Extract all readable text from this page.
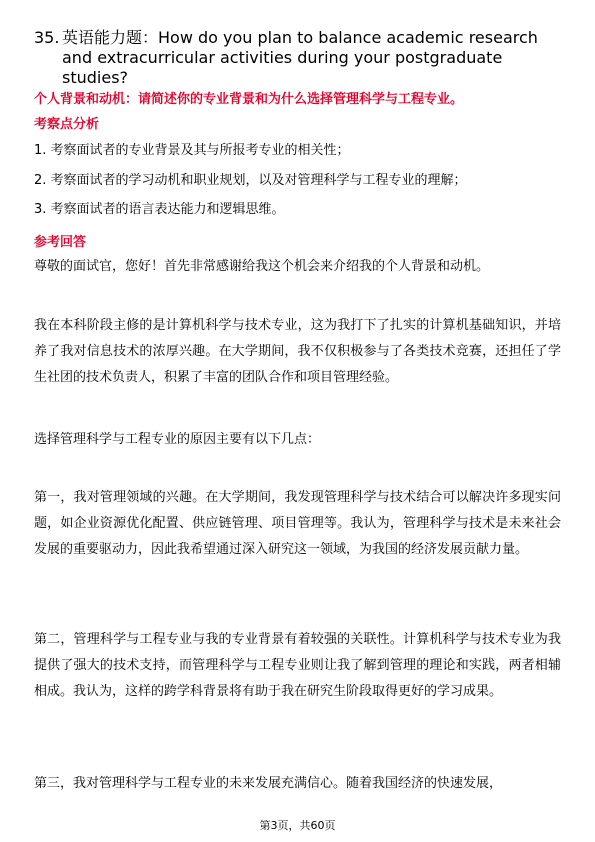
35. 英语能力题：How do you plan to balance academic research
and extracurricular activities during your postgraduate studies?
个人背景和动机：请简述你的专业背景和为什么选择管理科学与工程专业。
考察点分析
1. 考察面试者的专业背景及其与所报考专业的相关性；
2. 考察面试者的学习动机和职业规划，以及对管理科学与工程专业的理解；
3. 考察面试者的语言表达能力和逻辑思维。
参考回答
尊敬的面试官，您好！首先非常感谢给我这个机会来介绍我的个人背景和动机。
我在本科阶段主修的是计算机科学与技术专业，这为我打下了扎实的计算机基础知识，并培养了我对信息技术的浓厚兴趣。在大学期间，我不仅积极参与了各类技术竞赛，还担任了学生社团的技术负责人，积累了丰富的团队合作和项目管理经验。
选择管理科学与工程专业的原因主要有以下几点：
第一，我对管理领域的兴趣。在大学期间，我发现管理科学与技术结合可以解决许多现实问题，如企业资源优化配置、供应链管理、项目管理等。我认为，管理科学与技术是未来社会发展的重要驱动力，因此我希望通过深入研究这一领域，为我国的经济发展贡献力量。
第二，管理科学与工程专业与我的专业背景有着较强的关联性。计算机科学与技术专业为我提供了强大的技术支持，而管理科学与工程专业则让我了解到管理的理论和实践，两者相辅相成。我认为，这样的跨学科背景将有助于我在研究生阶段取得更好的学习成果。
第三，我对管理科学与工程专业的未来发展充满信心。随着我国经济的快速发展，
第3页，共60页
